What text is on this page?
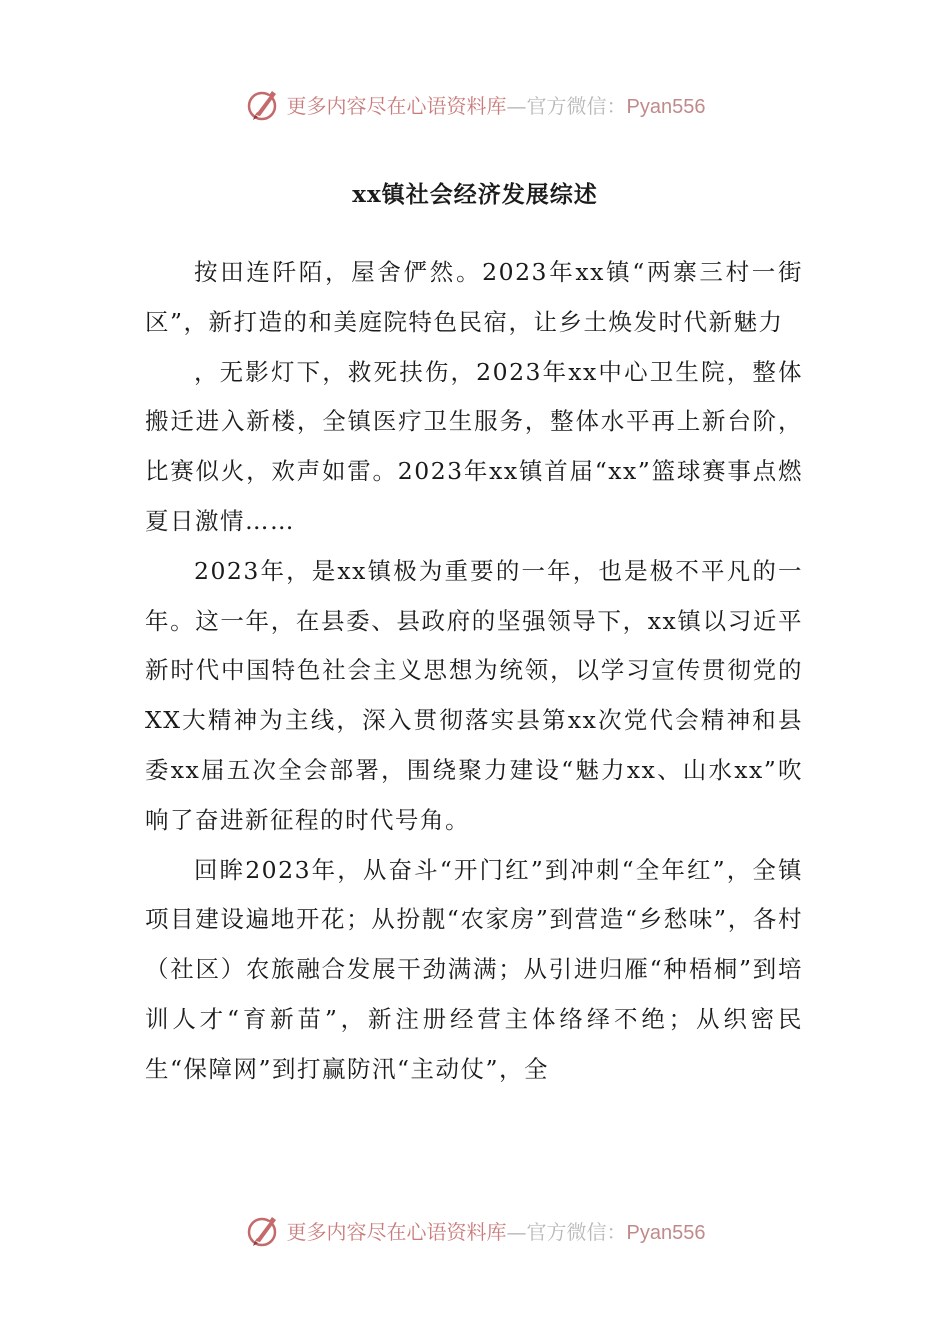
更多内容尽在心语资料库—官方微信：Pyan556
xx镇社会经济发展综述

按田连阡陌，屋舍俨然。2023年xx镇“两寨三村一街区”，新打造的和美庭院特色民宿，让乡土焕发时代新魅力

，无影灯下，救死扶伤，2023年xx中心卫生院，整体搬迁进入新楼，全镇医疗卫生服务，整体水平再上新台阶，比赛似火，欢声如雷。2023年xx镇首届“xx”篮球赛事点燃夏日激情……

2023年，是xx镇极为重要的一年，也是极不平凡的一年。这一年，在县委、县政府的坚强领导下，xx镇以习近平新时代中国特色社会主义思想为统领，以学习宣传贯彻党的XX大精神为主线，深入贯彻落实县第xx次党代会精神和县委xx届五次全会部署，围绕聚力建设“魅力xx、山水xx”吹响了奋进新征程的时代号角。

回眸2023年，从奋斗“开门红”到冲刺“全年红”，全镇项目建设遍地开花；从扮靓“农家房”到营造“乡愁味”，各村（社区）农旅融合发展干劲满满；从引进归雁“种梧桐”到培训人才“育新苗”，新注册经营主体络绎不绝；从织密民生“保障网”到打赢防汛“主动仗”，全

更多内容尽在心语资料库—官方微信：Pyan556
